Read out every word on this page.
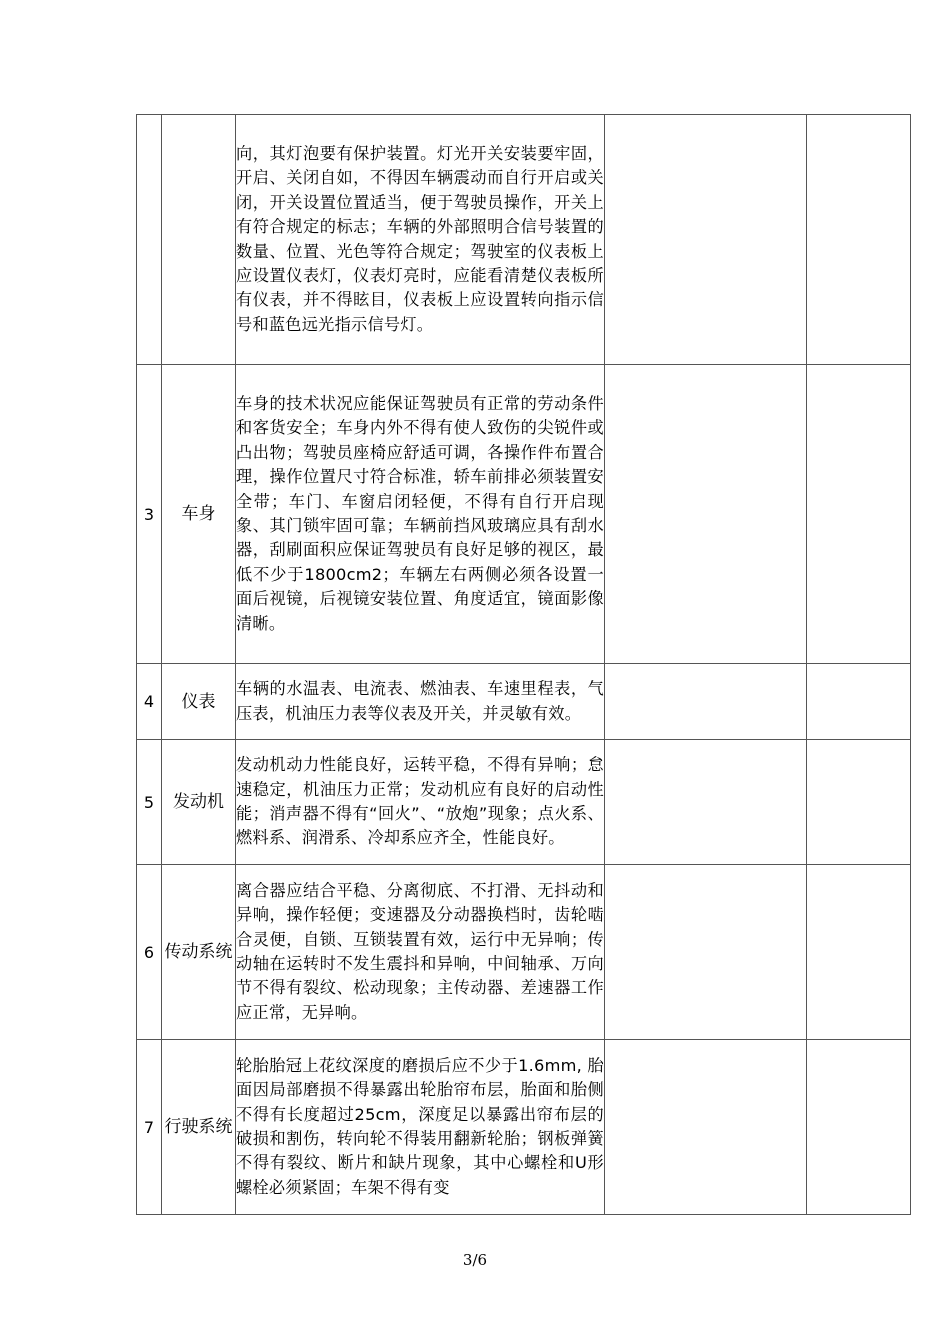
		向，其灯泡要有保护装置。灯光开关安装要牢固，开启、关闭自如，不得因车辆震动而自行开启或关闭，开关设置位置适当，便于驾驶员操作，开关上有符合规定的标志；车辆的外部照明合信号装置的数量、位置、光色等符合规定；驾驶室的仪表板上应设置仪表灯，仪表灯亮时，应能看清楚仪表板所有仪表，并不得眩目，仪表板上应设置转向指示信号和蓝色远光指示信号灯。		
3	车身	车身的技术状况应能保证驾驶员有正常的劳动条件和客货安全；车身内外不得有使人致伤的尖锐件或凸出物；驾驶员座椅应舒适可调，各操作件布置合理，操作位置尺寸符合标准，轿车前排必须装置安全带；车门、车窗启闭轻便，不得有自行开启现象、其门锁牢固可靠；车辆前挡风玻璃应具有刮水器，刮刷面积应保证驾驶员有良好足够的视区，最低不少于1800cm2；车辆左右两侧必须各设置一面后视镜，后视镜安装位置、角度适宜，镜面影像清晰。		
4	仪表	车辆的水温表、电流表、燃油表、车速里程表，气压表，机油压力表等仪表及开关，并灵敏有效。		
5	发动机	发动机动力性能良好，运转平稳，不得有异响；怠速稳定，机油压力正常；发动机应有良好的启动性能；消声器不得有“回火”、“放炮”现象；点火系、燃料系、润滑系、冷却系应齐全，性能良好。		
6	传动系统	离合器应结合平稳、分离彻底、不打滑、无抖动和异响，操作轻便；变速器及分动器换档时，齿轮啮合灵便，自锁、互锁装置有效，运行中无异响；传动轴在运转时不发生震抖和异响，中间轴承、万向节不得有裂纹、松动现象；主传动器、差速器工作应正常，无异响。		
7	行驶系统	轮胎胎冠上花纹深度的磨损后应不少于1.6mm, 胎面因局部磨损不得暴露出轮胎帘布层，胎面和胎侧不得有长度超过25cm，深度足以暴露出帘布层的破损和割伤，转向轮不得装用翻新轮胎；钢板弹簧不得有裂纹、断片和缺片现象，其中心螺栓和U形螺栓必须紧固；车架不得有变		
3/6
